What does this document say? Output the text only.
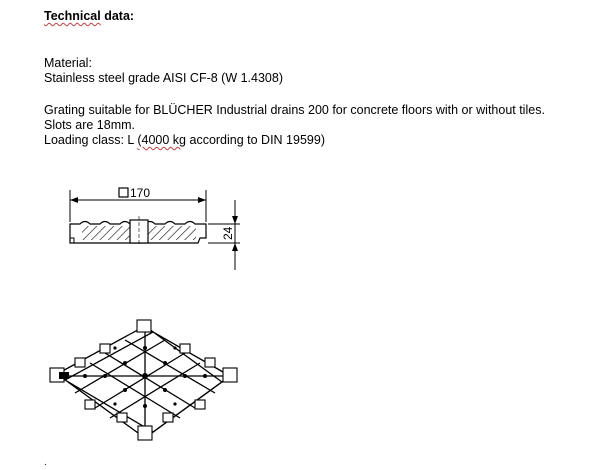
Technical data:
Material:
Stainless steel grade AISI CF-8 (W 1.4308)
Grating suitable for BLÜCHER Industrial drains 200 for concrete floors with or without tiles.
Slots are 18mm.
Loading class: L (4000 kg according to DIN 19599)
170
24
.
